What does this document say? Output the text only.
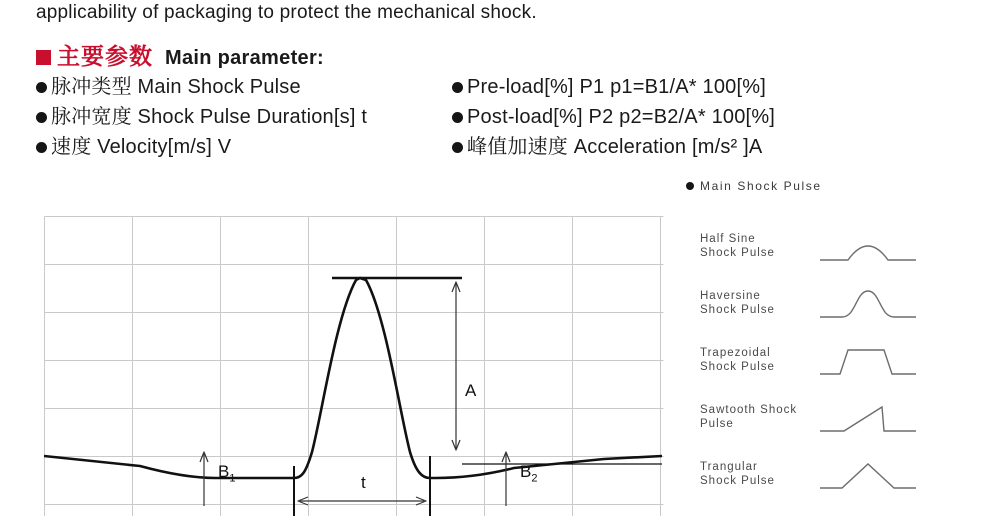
applicability of packaging to protect the mechanical shock.
主要参数 Main parameter:
脉冲类型 Main Shock Pulse
脉冲宽度 Shock Pulse Duration[s] t
速度 Velocity[m/s] V
Pre-load[%] P1 p1=B1/A* 100[%]
Post-load[%] P2 p2=B2/A* 100[%]
峰值加速度 Acceleration [m/s² ]A
Main Shock Pulse
Half Sine
Shock Pulse
Haversine
Shock Pulse
Trapezoidal
Shock Pulse
Sawtooth Shock
Pulse
Trangular
Shock Pulse
$B_1$	$B_2$
A
t
